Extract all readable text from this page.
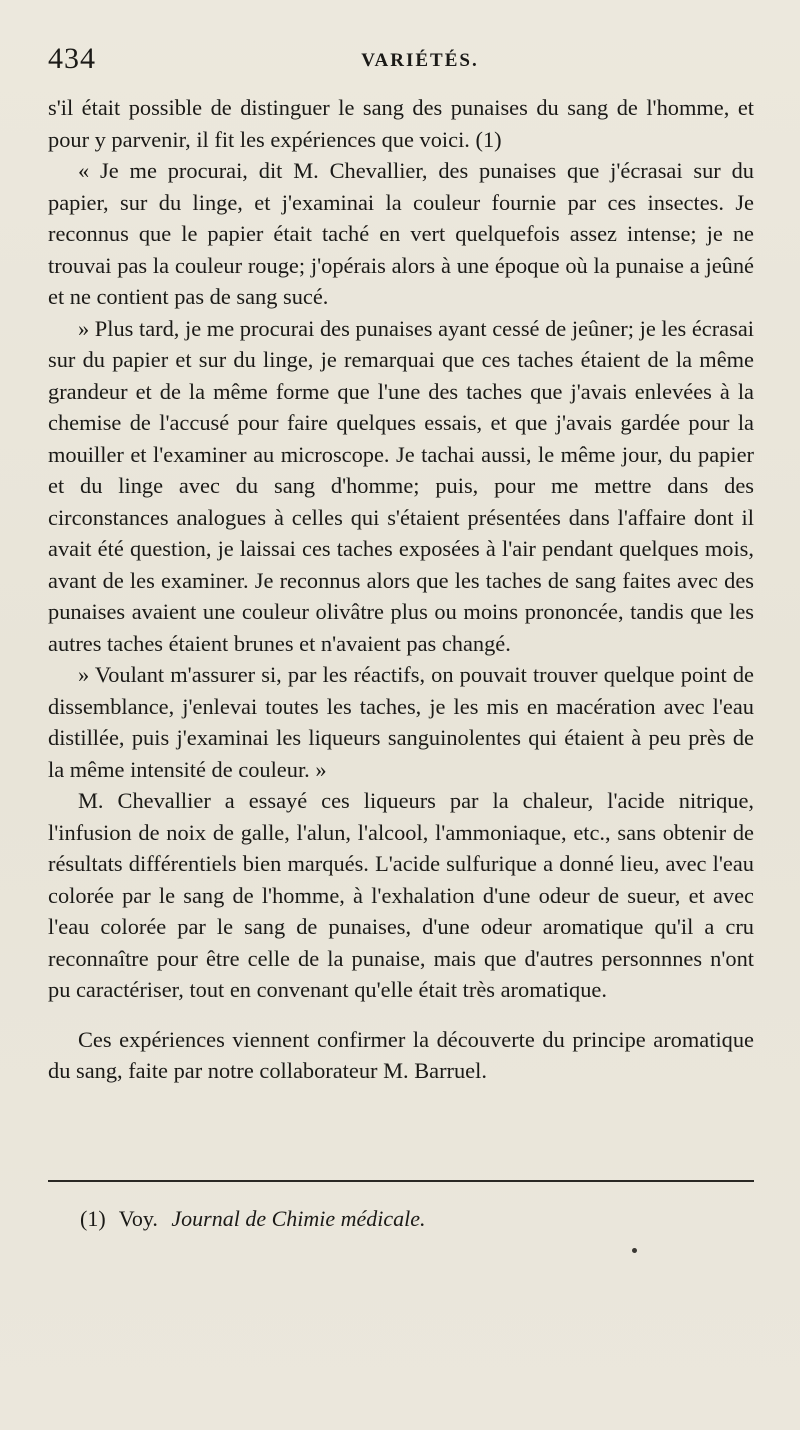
434	VARIÉTÉS.

s'il était possible de distinguer le sang des punaises du sang de l'homme, et pour y parvenir, il fit les expériences que voici. (1)

« Je me procurai, dit M. Chevallier, des punaises que j'écrasai sur du papier, sur du linge, et j'examinai la couleur fournie par ces insectes. Je reconnus que le papier était taché en vert quelquefois assez intense; je ne trouvai pas la couleur rouge; j'opérais alors à une époque où la punaise a jeûné et ne contient pas de sang sucé.

» Plus tard, je me procurai des punaises ayant cessé de jeûner; je les écrasai sur du papier et sur du linge, je remarquai que ces taches étaient de la même grandeur et de la même forme que l'une des taches que j'avais enlevées à la chemise de l'accusé pour faire quelques essais, et que j'avais gardée pour la mouiller et l'examiner au microscope. Je tachai aussi, le même jour, du papier et du linge avec du sang d'homme; puis, pour me mettre dans des circonstances analogues à celles qui s'étaient présentées dans l'affaire dont il avait été question, je laissai ces taches exposées à l'air pendant quelques mois, avant de les examiner. Je reconnus alors que les taches de sang faites avec des punaises avaient une couleur olivâtre plus ou moins prononcée, tandis que les autres taches étaient brunes et n'avaient pas changé.

» Voulant m'assurer si, par les réactifs, on pouvait trouver quelque point de dissemblance, j'enlevai toutes les taches, je les mis en macération avec l'eau distillée, puis j'examinai les liqueurs sanguinolentes qui étaient à peu près de la même intensité de couleur. »

M. Chevallier a essayé ces liqueurs par la chaleur, l'acide nitrique, l'infusion de noix de galle, l'alun, l'alcool, l'ammoniaque, etc., sans obtenir de résultats différentiels bien marqués. L'acide sulfurique a donné lieu, avec l'eau colorée par le sang de l'homme, à l'exhalation d'une odeur de sueur, et avec l'eau colorée par le sang de punaises, d'une odeur aromatique qu'il a cru reconnaître pour être celle de la punaise, mais que d'autres personnnes n'ont pu caractériser, tout en convenant qu'elle était très aromatique.

Ces expériences viennent confirmer la découverte du principe aromatique du sang, faite par notre collaborateur M. Barruel.

(1) Voy. Journal de Chimie médicale.
